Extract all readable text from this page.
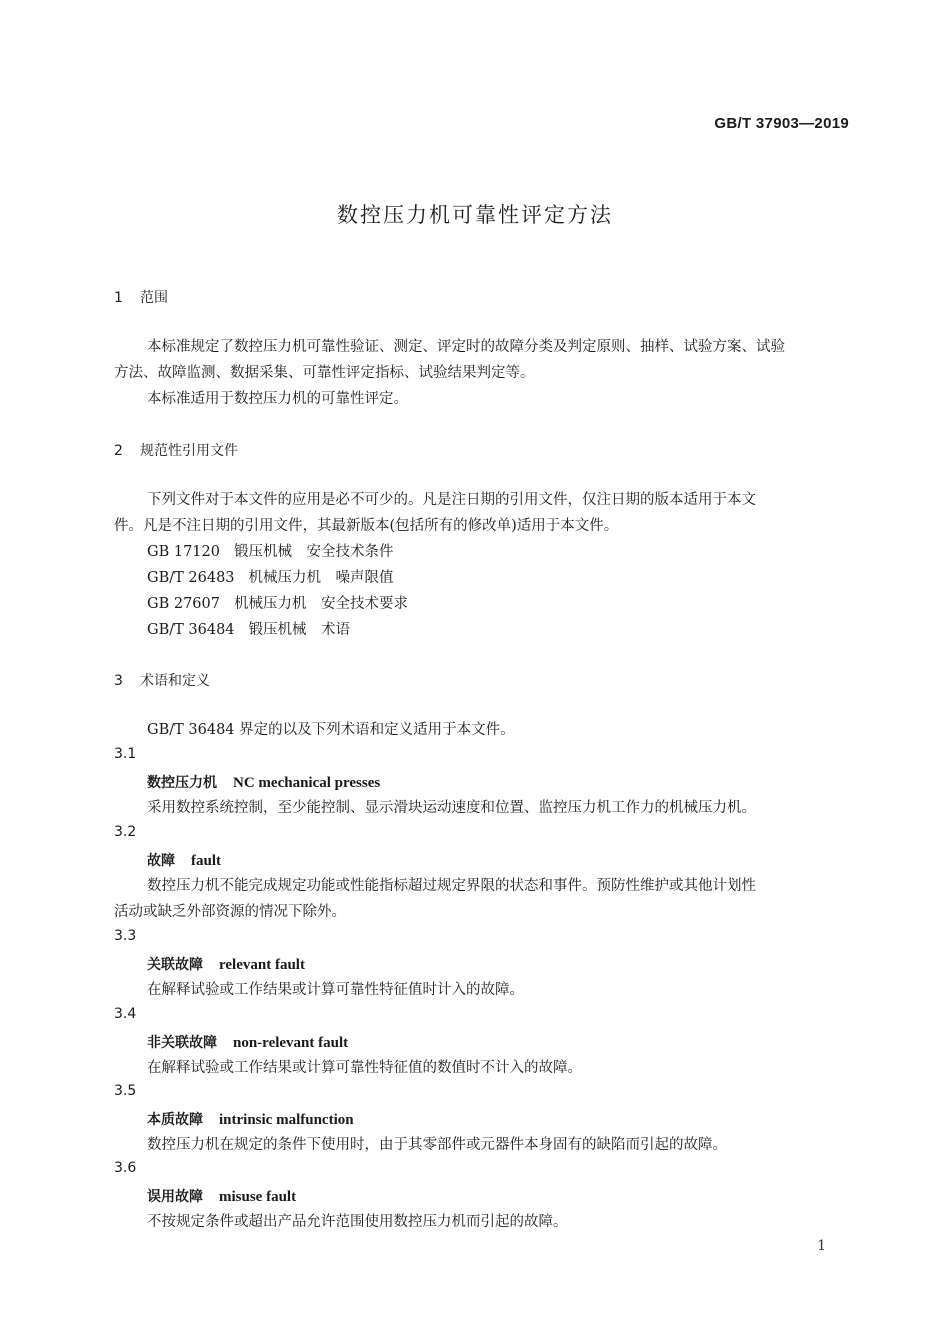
GB/T 37903—2019
数控压力机可靠性评定方法
1 范围
本标准规定了数控压力机可靠性验证、测定、评定时的故障分类及判定原则、抽样、试验方案、试验
方法、故障监测、数据采集、可靠性评定指标、试验结果判定等。
本标准适用于数控压力机的可靠性评定。
2 规范性引用文件
下列文件对于本文件的应用是必不可少的。凡是注日期的引用文件，仅注日期的版本适用于本文
件。凡是不注日期的引用文件，其最新版本(包括所有的修改单)适用于本文件。
GB 17120 锻压机械　安全技术条件
GB/T 26483 机械压力机　噪声限值
GB 27607 机械压力机　安全技术要求
GB/T 36484 锻压机械　术语
3 术语和定义
GB/T 36484 界定的以及下列术语和定义适用于本文件。
3.1
数控压力机 NC mechanical presses
采用数控系统控制，至少能控制、显示滑块运动速度和位置、监控压力机工作力的机械压力机。
3.2
故障 fault
数控压力机不能完成规定功能或性能指标超过规定界限的状态和事件。预防性维护或其他计划性
活动或缺乏外部资源的情况下除外。
3.3
关联故障 relevant fault
在解释试验或工作结果或计算可靠性特征值时计入的故障。
3.4
非关联故障 non-relevant fault
在解释试验或工作结果或计算可靠性特征值的数值时不计入的故障。
3.5
本质故障 intrinsic malfunction
数控压力机在规定的条件下使用时，由于其零部件或元器件本身固有的缺陷而引起的故障。
3.6
误用故障 misuse fault
不按规定条件或超出产品允许范围使用数控压力机而引起的故障。
1
